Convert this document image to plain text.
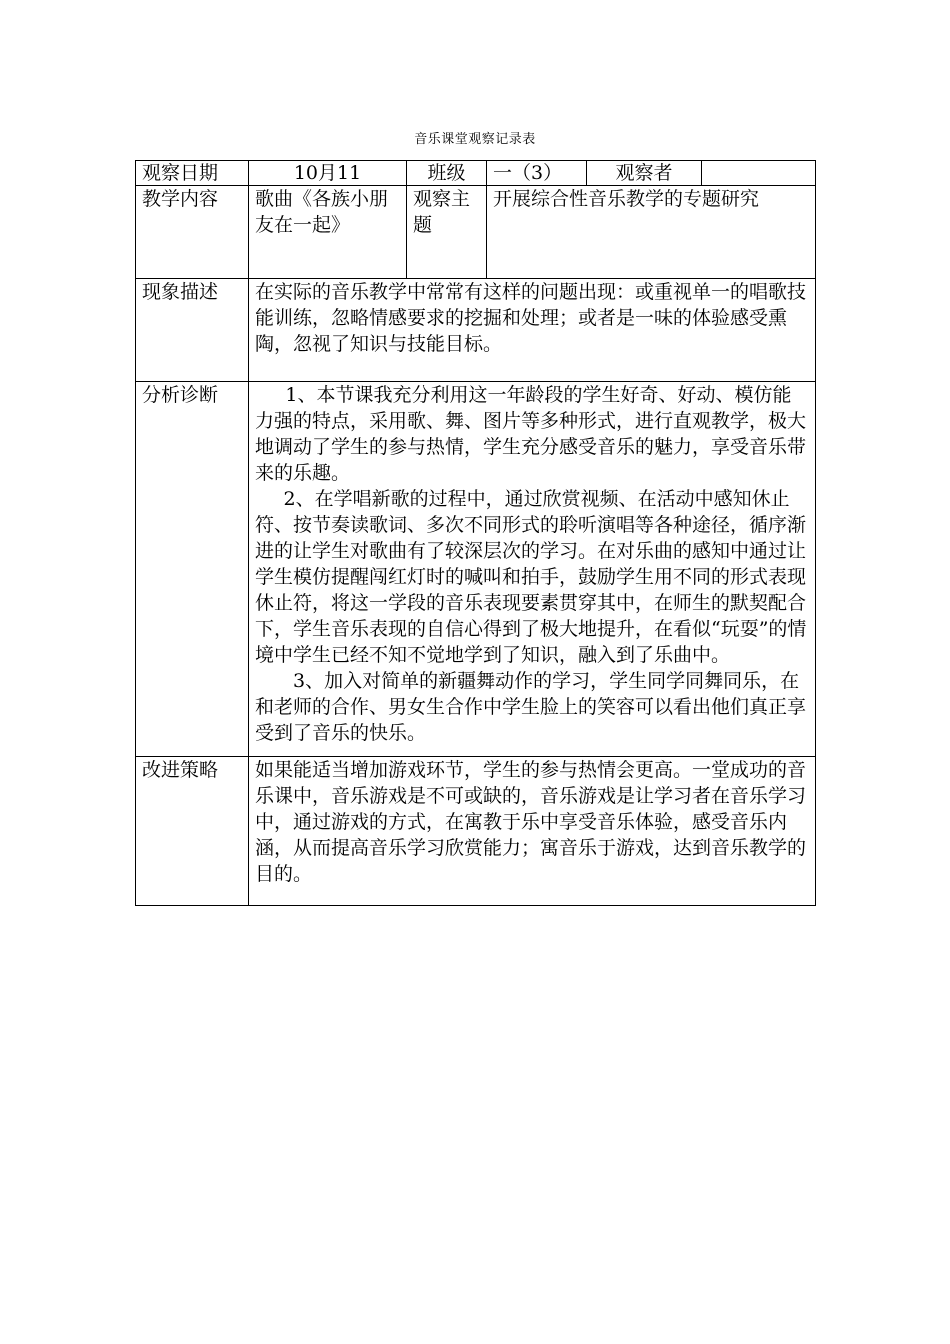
音乐课堂观察记录表
观察日期	10月11	班级	一（3）	观察者	
教学内容	歌曲《各族小朋友在一起》	观察主题	开展综合性音乐教学的专题研究		
现象描述	在实际的音乐教学中常常有这样的问题出现：或重视单一的唱歌技能训练，忽略情感要求的挖掘和处理；或者是一味的体验感受熏陶，忽视了知识与技能目标。				
分析诊断	1、本节课我充分利用这一年龄段的学生好奇、好动、模仿能力强的特点，采用歌、舞、图片等多种形式，进行直观教学，极大地调动了学生的参与热情，学生充分感受音乐的魅力，享受音乐带来的乐趣。

2、在学唱新歌的过程中，通过欣赏视频、在活动中感知休止符、按节奏读歌词、多次不同形式的聆听演唱等各种途径，循序渐进的让学生对歌曲有了较深层次的学习。在对乐曲的感知中通过让学生模仿提醒闯红灯时的喊叫和拍手，鼓励学生用不同的形式表现休止符，将这一学段的音乐表现要素贯穿其中，在师生的默契配合下，学生音乐表现的自信心得到了极大地提升，在看似“玩耍”的情境中学生已经不知不觉地学到了知识，融入到了乐曲中。

3、加入对简单的新疆舞动作的学习，学生同学同舞同乐，在和老师的合作、男女生合作中学生脸上的笑容可以看出他们真正享受到了音乐的快乐。				

改进策略	如果能适当增加游戏环节，学生的参与热情会更高。一堂成功的音乐课中，音乐游戏是不可或缺的，音乐游戏是让学习者在音乐学习中，通过游戏的方式，在寓教于乐中享受音乐体验，感受音乐内涵，从而提高音乐学习欣赏能力；寓音乐于游戏，达到音乐教学的目的。				
